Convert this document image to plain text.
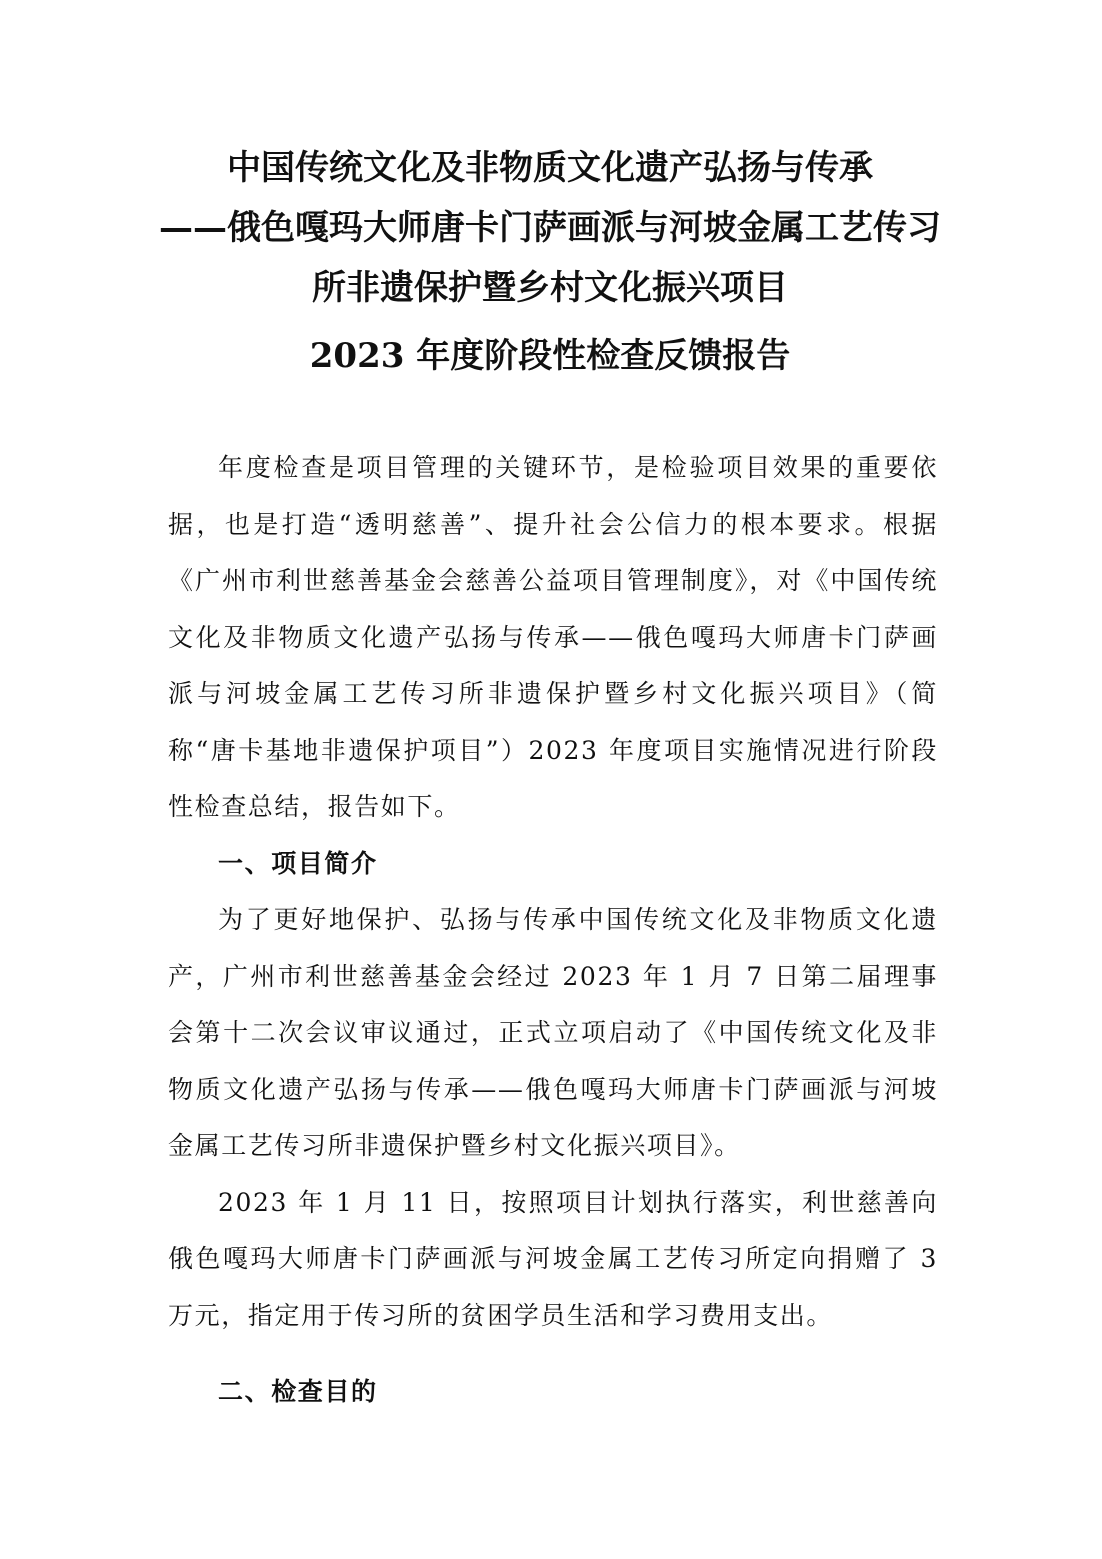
中国传统文化及非物质文化遗产弘扬与传承
——俄色嘎玛大师唐卡门萨画派与河坡金属工艺传习
所非遗保护暨乡村文化振兴项目
2023 年度阶段性检查反馈报告

年度检查是项目管理的关键环节，是检验项目效果的重要依据，也是打造“透明慈善”、提升社会公信力的根本要求。根据《广州市利世慈善基金会慈善公益项目管理制度》，对《中国传统文化及非物质文化遗产弘扬与传承——俄色嘎玛大师唐卡门萨画派与河坡金属工艺传习所非遗保护暨乡村文化振兴项目》（简称“唐卡基地非遗保护项目”）2023 年度项目实施情况进行阶段性检查总结，报告如下。

一、项目简介

为了更好地保护、弘扬与传承中国传统文化及非物质文化遗产，广州市利世慈善基金会经过 2023 年 1 月 7 日第二届理事会第十二次会议审议通过，正式立项启动了《中国传统文化及非物质文化遗产弘扬与传承——俄色嘎玛大师唐卡门萨画派与河坡金属工艺传习所非遗保护暨乡村文化振兴项目》。

2023 年 1 月 11 日，按照项目计划执行落实，利世慈善向俄色嘎玛大师唐卡门萨画派与河坡金属工艺传习所定向捐赠了 3 万元，指定用于传习所的贫困学员生活和学习费用支出。

二、检查目的
